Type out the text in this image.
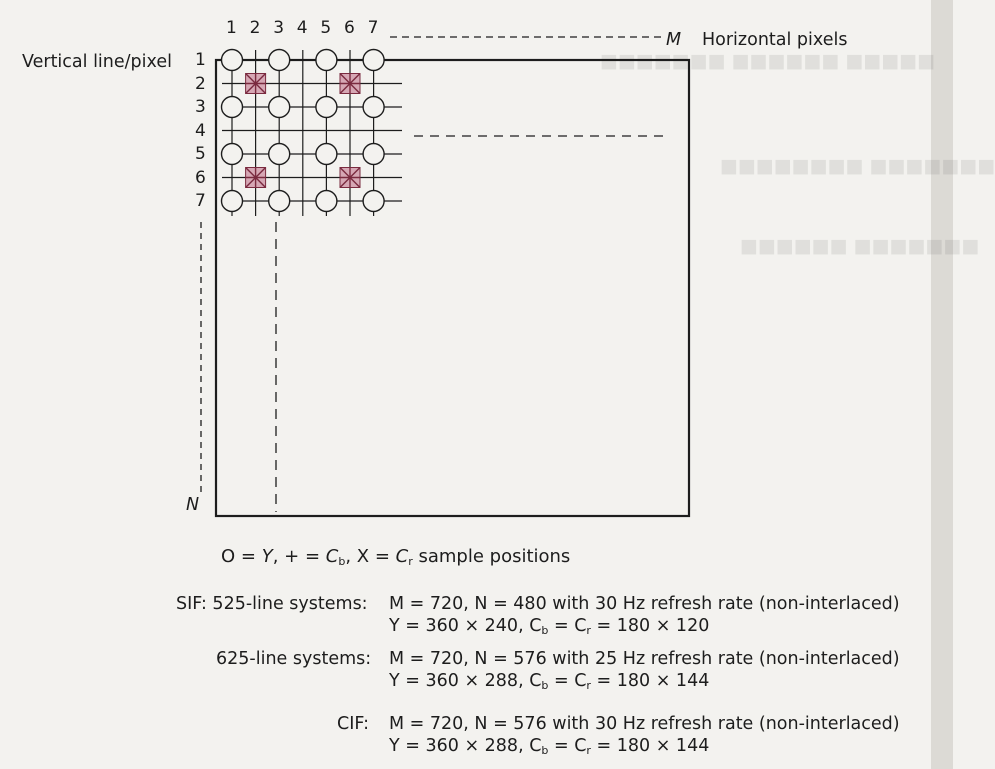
■■■■■■■ ■■■■■■ ■■■■■
■■■■■■■■ ■■■■■■■
■■■■■■ ■■■■■■■
1 2 3 4 5 6 7
1
2
3
4
5
6
7
Vertical line/pixel
M Horizontal pixels
N
O = Y, + = $C_b$, $X = C_r$ sample positions
SIF: 525-line systems: M = 720, N = 480 with 30 Hz refresh rate (non-interlaced)
Y = 360 × 240, $C_b = C_r = 180 \times 120$
625-line systems: M = 720, N = 576 with 25 Hz refresh rate (non-interlaced)
Y = 360 × 288, $C_b = C_r = 180 \times 144$
CIF: M = 720, N = 576 with 30 Hz refresh rate (non-interlaced)
Y = 360 × 288, $C_b = C_r = 180 \times 144$
